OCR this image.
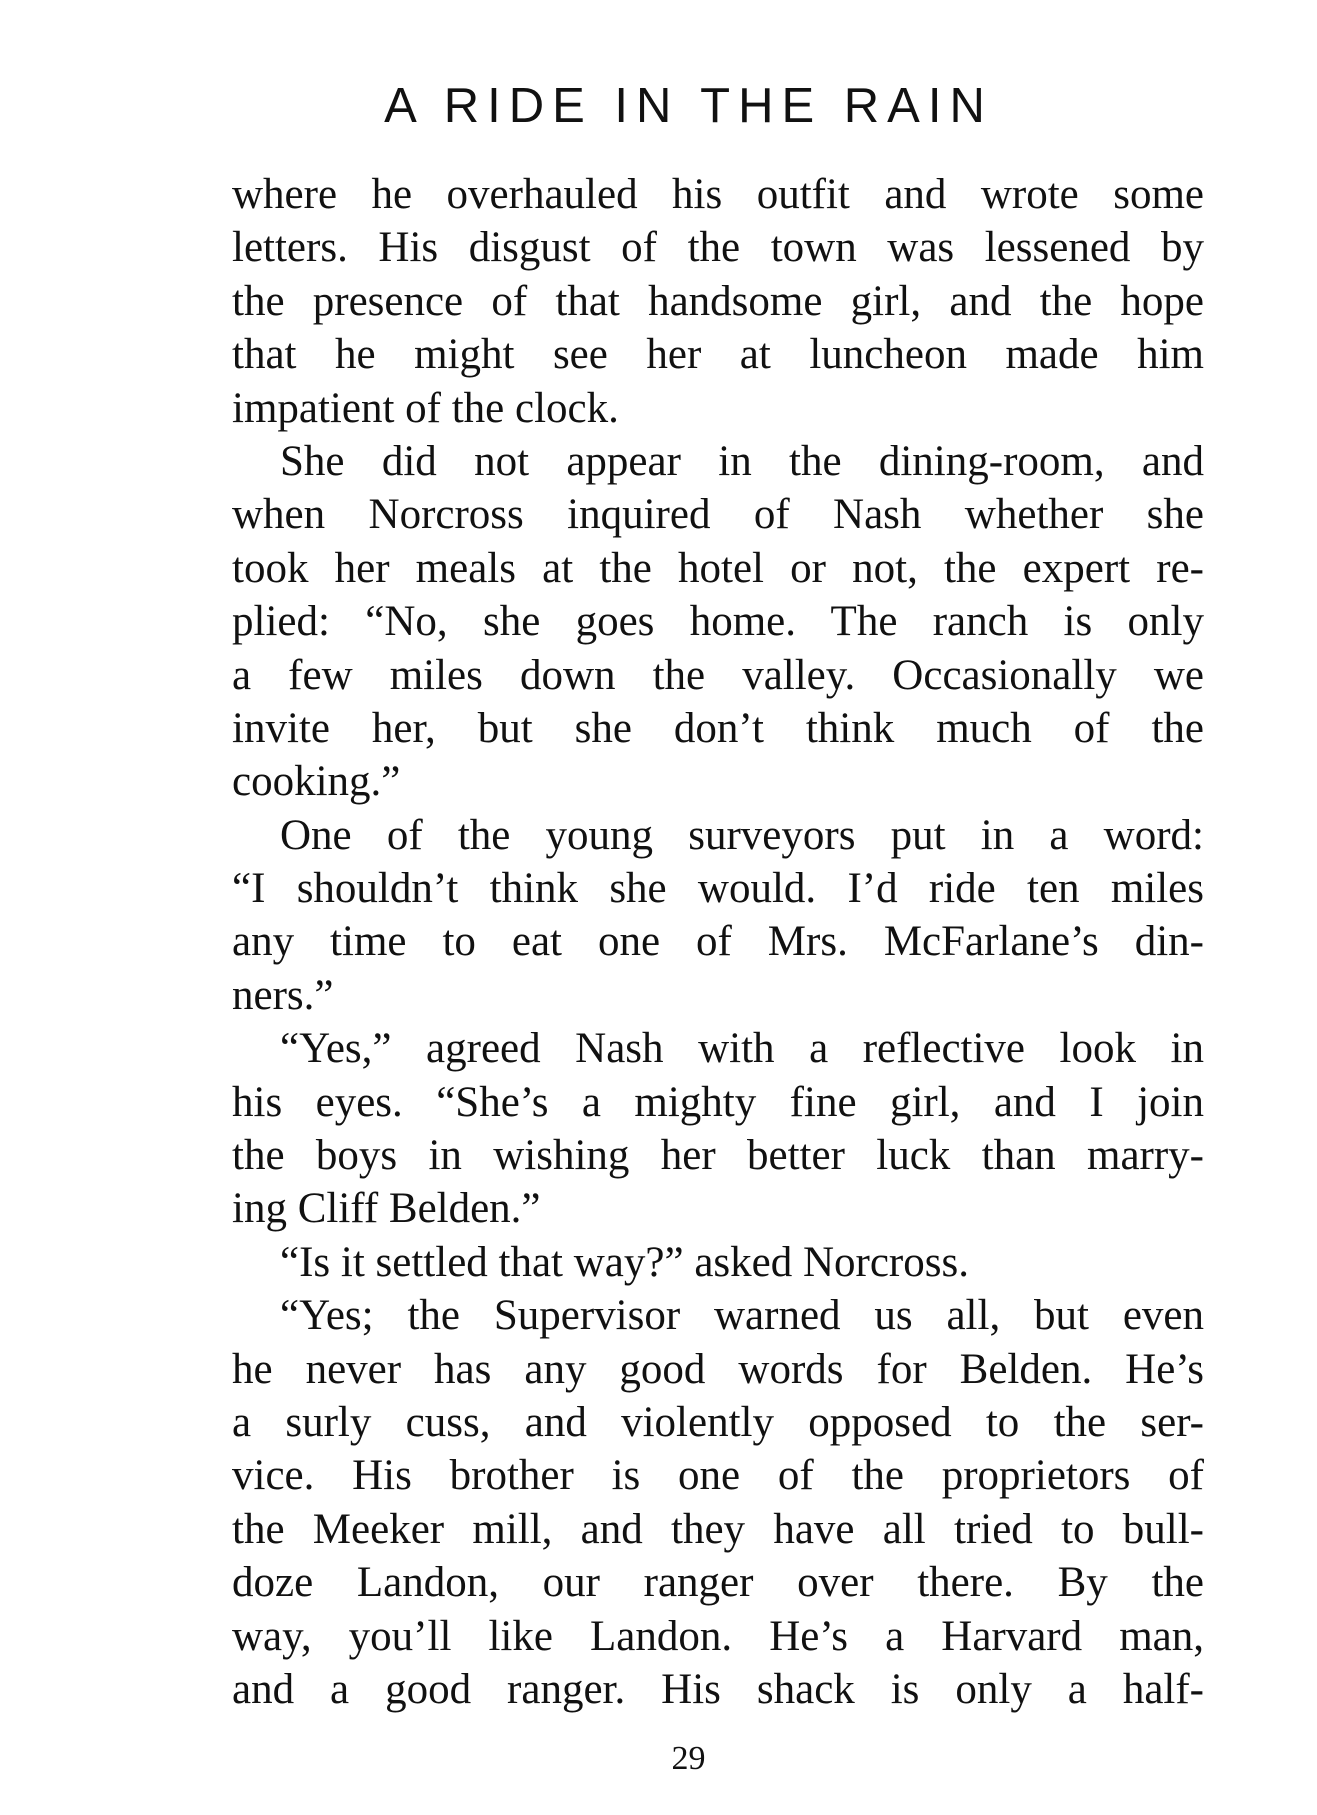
A RIDE IN THE RAIN
where he overhauled his outfit and wrote some
letters. His disgust of the town was lessened by
the presence of that handsome girl, and the hope
that he might see her at luncheon made him
impatient of the clock.
She did not appear in the dining-room, and
when Norcross inquired of Nash whether she
took her meals at the hotel or not, the expert re-
plied: “No, she goes home. The ranch is only
a few miles down the valley. Occasionally we
invite her, but she don’t think much of the
cooking.”
One of the young surveyors put in a word:
“I shouldn’t think she would. I’d ride ten miles
any time to eat one of Mrs. McFarlane’s din-
ners.”
“Yes,” agreed Nash with a reflective look in
his eyes. “She’s a mighty fine girl, and I join
the boys in wishing her better luck than marry-
ing Cliff Belden.”
“Is it settled that way?” asked Norcross.
“Yes; the Supervisor warned us all, but even
he never has any good words for Belden. He’s
a surly cuss, and violently opposed to the ser-
vice. His brother is one of the proprietors of
the Meeker mill, and they have all tried to bull-
doze Landon, our ranger over there. By the
way, you’ll like Landon. He’s a Harvard man,
and a good ranger. His shack is only a half-
29
